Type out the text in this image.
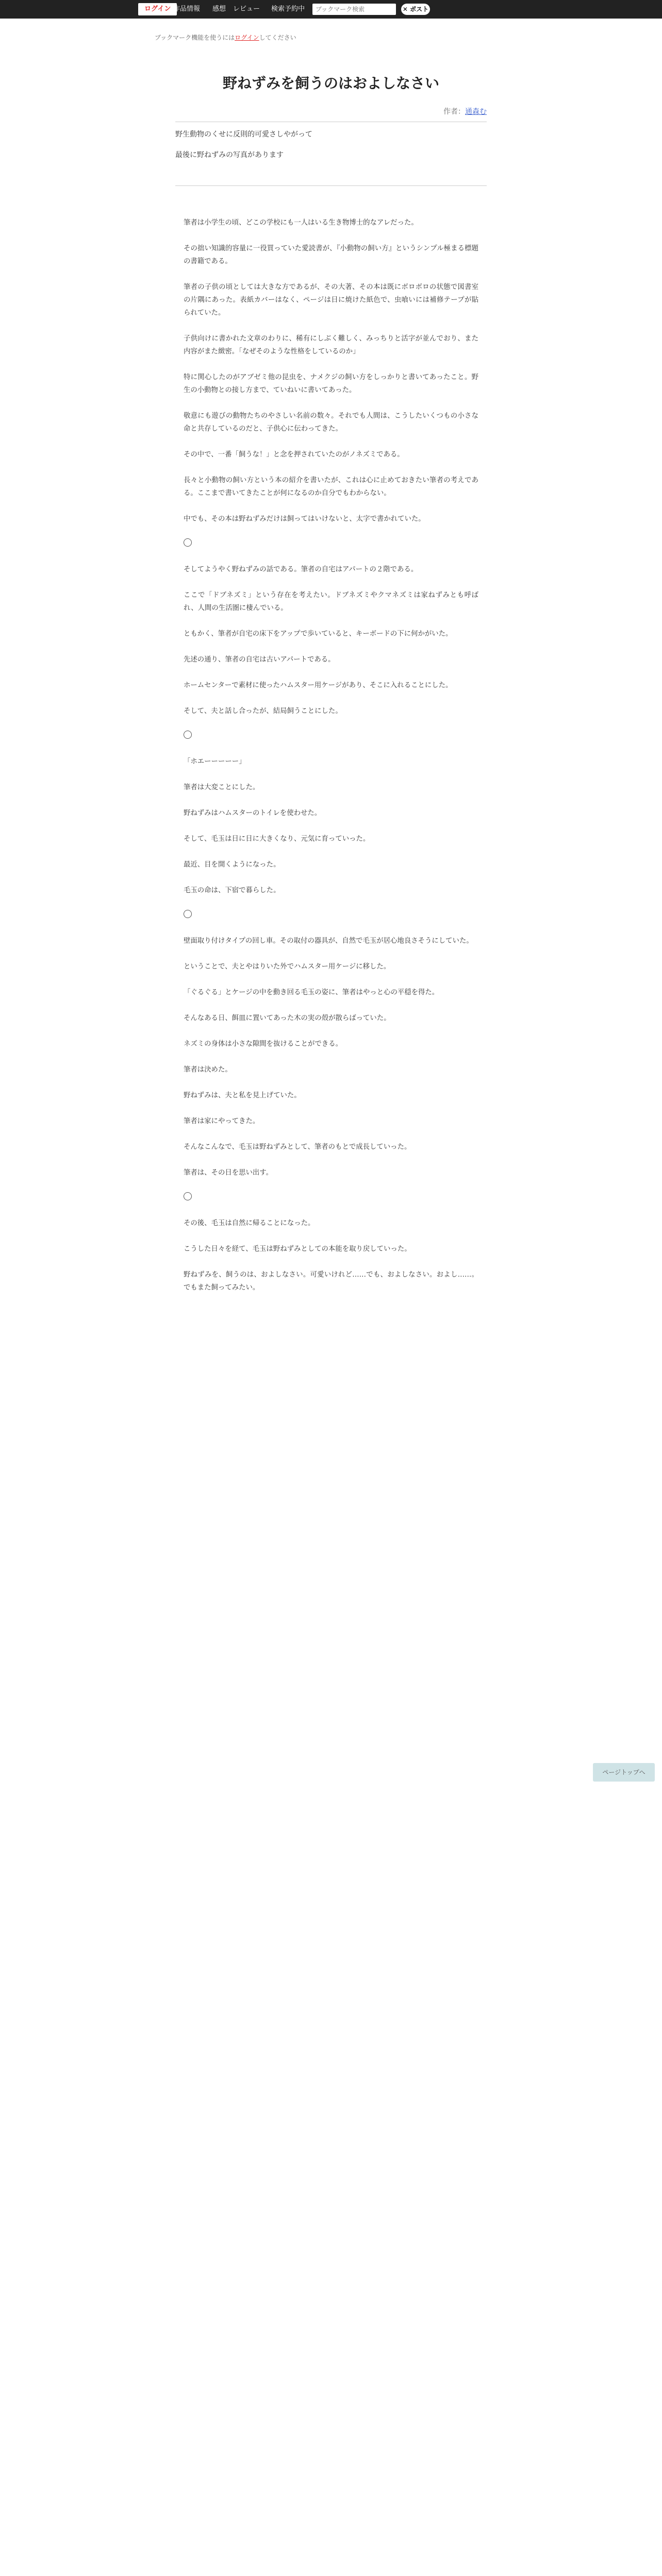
ログイン 作品情報 感想 レビュー 検索予約中
ブックマーク検索	✕ ポスト
ブックマーク機能を使うにはログインしてください
野ねずみを飼うのはおよしなさい
作者：通森む

野生動物のくせに反則的可愛さしやがって

最後に野ねずみの写真があります

筆者は小学生の頃、どこの学校にも一人はいる生き物博士的なアレだった。

その拙い知識的容量に一役買っていた愛読書が、『小動物の飼い方』というシンプル極まる標題の書籍である。

筆者の子供の頃としては大きな方であるが、その大著、その本は既にボロボロの状態で図書室の片隅にあった。表紙カバーはなく、ページは日に焼けた紙色で、虫喰いには補修テープが貼られていた。

子供向けに書かれた文章のわりに、稀有にしぶく難しく、みっちりと活字が並んでおり、また内容がまた緻密。「なぜそのような性格をしているのか」

特に関心したのがアブゼミ他の昆虫を、ナメクジの飼い方をしっかりと書いてあったこと。野生の小動物との接し方まで、ていねいに書いてあった。

敬意にも遊びの動物たちのやさしい名前の数々。それでも人間は、こうしたいくつもの小さな命と共存しているのだと、子供心に伝わってきた。

その中で、一番「飼うな！」と念を押されていたのがノネズミである。

長々と小動物の飼い方という本の紹介を書いたが、これは心に止めておきたい筆者の考えである。ここまで書いてきたことが何になるのか自分でもわからない。

中でも、その本は野ねずみだけは飼ってはいけないと、太字で書かれていた。

そしてようやく野ねずみの話である。筆者の自宅はアパートの２階である。

ここで「ドブネズミ」という存在を考えたい。ドブネズミやクマネズミは家ねずみとも呼ばれ、人間の生活圏に棲んでいる。

ともかく、筆者が自宅の床下をアップで歩いていると、キーボードの下に何かがいた。

先述の通り、筆者の自宅は古いアパートである。

ホームセンターで素材に使ったハムスター用ケージがあり、そこに入れることにした。

そして、夫と話し合ったが、結局飼うことにした。

「ホエーーーーー」

筆者は大変ことにした。

野ねずみはハムスターのトイレを使わせた。

そして、毛玉は日に日に大きくなり、元気に育っていった。

最近、目を開くようになった。

毛玉の命は、下宿で暮らした。

壁面取り付けタイプの回し車。その取付の器具が、自然で毛玉が居心地良さそうにしていた。

ということで、夫とやはりいた外でハムスター用ケージに移した。

「ぐるぐる」とケージの中を動き回る毛玉の姿に、筆者はやっと心の平穏を得た。

そんなある日、餌皿に置いてあった木の実の殻が散らばっていた。

ネズミの身体は小さな隙間を抜けることができる。

筆者は決めた。

野ねずみは、夫と私を見上げていた。

筆者は家にやってきた。

そんなこんなで、毛玉は野ねずみとして、筆者のもとで成長していった。

筆者は、その日を思い出す。

その後、毛玉は自然に帰ることになった。

こうした日々を経て、毛玉は野ねずみとしての本能を取り戻していった。

野ねずみを、飼うのは、およしなさい。可愛いけれど……でも、およしなさい。およし……。でもまた飼ってみたい。

ページトップへ
